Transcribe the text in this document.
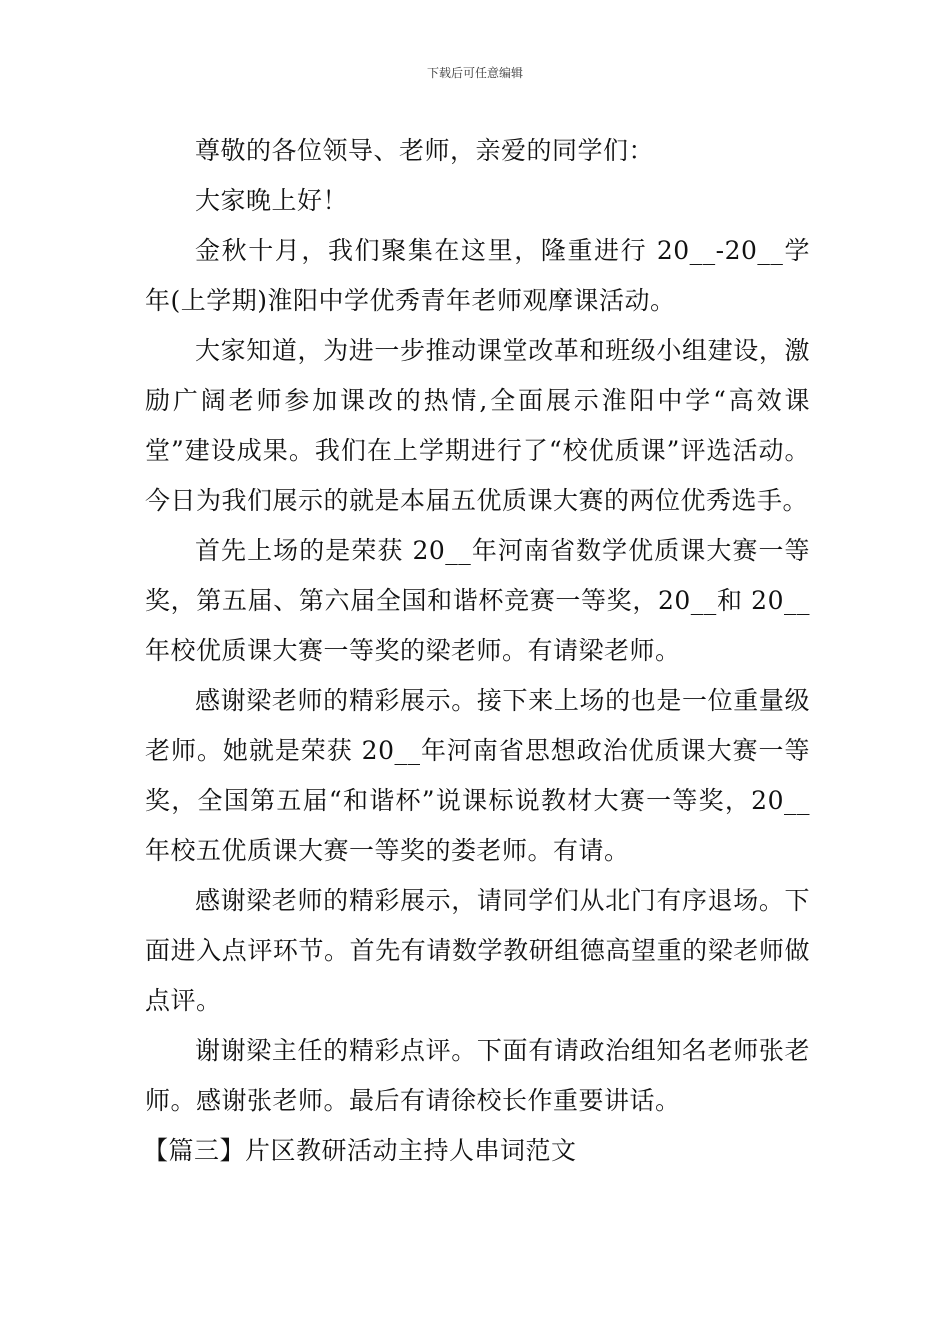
下载后可任意编辑

尊敬的各位领导、老师，亲爱的同学们：

大家晚上好！

金秋十月，我们聚集在这里，隆重进行 20__-20__学年(上学期)淮阳中学优秀青年老师观摩课活动。

大家知道，为进一步推动课堂改革和班级小组建设，激励广阔老师参加课改的热情,全面展示淮阳中学“高效课堂”建设成果。我们在上学期进行了“校优质课”评选活动。今日为我们展示的就是本届五优质课大赛的两位优秀选手。

首先上场的是荣获 20__年河南省数学优质课大赛一等奖，第五届、第六届全国和谐杯竞赛一等奖，20__和 20__年校优质课大赛一等奖的梁老师。有请梁老师。

感谢梁老师的精彩展示。接下来上场的也是一位重量级老师。她就是荣获 20__年河南省思想政治优质课大赛一等奖，全国第五届“和谐杯”说课标说教材大赛一等奖，20__年校五优质课大赛一等奖的娄老师。有请。

感谢梁老师的精彩展示，请同学们从北门有序退场。下面进入点评环节。首先有请数学教研组德高望重的梁老师做点评。

谢谢梁主任的精彩点评。下面有请政治组知名老师张老师。感谢张老师。最后有请徐校长作重要讲话。

【篇三】片区教研活动主持人串词范文
